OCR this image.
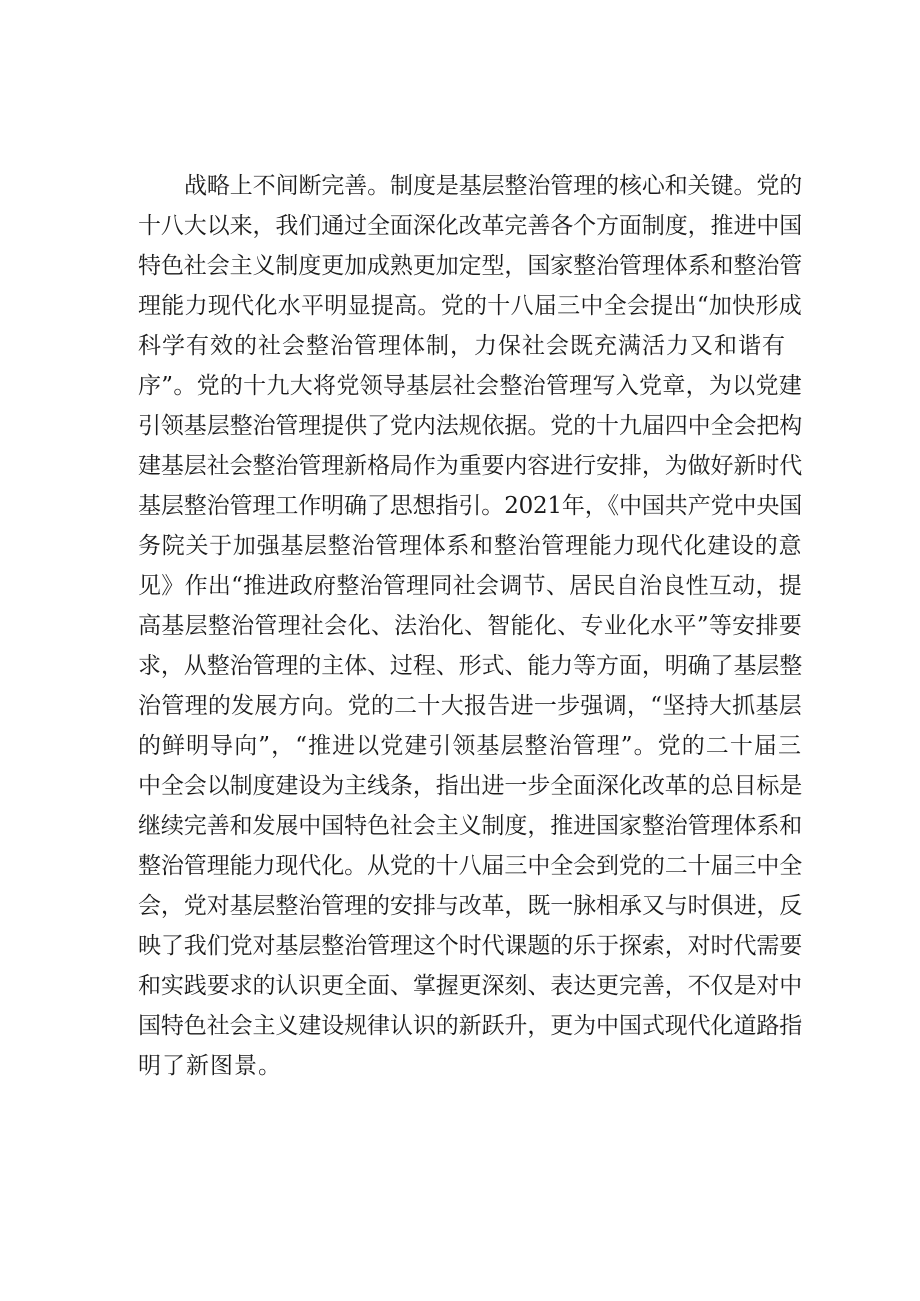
战略上不间断完善。制度是基层整治管理的核心和关键。党的
十八大以来，我们通过全面深化改革完善各个方面制度，推进中国
特色社会主义制度更加成熟更加定型，国家整治管理体系和整治管
理能力现代化水平明显提高。党的十八届三中全会提出“加快形成
科学有效的社会整治管理体制，力保社会既充满活力又和谐有
序”。党的十九大将党领导基层社会整治管理写入党章，为以党建
引领基层整治管理提供了党内法规依据。党的十九届四中全会把构
建基层社会整治管理新格局作为重要内容进行安排，为做好新时代
基层整治管理工作明确了思想指引。2021年，《中国共产党中央国
务院关于加强基层整治管理体系和整治管理能力现代化建设的意
见》作出“推进政府整治管理同社会调节、居民自治良性互动，提
高基层整治管理社会化、法治化、智能化、专业化水平”等安排要
求，从整治管理的主体、过程、形式、能力等方面，明确了基层整
治管理的发展方向。党的二十大报告进一步强调，“坚持大抓基层
的鲜明导向”，“推进以党建引领基层整治管理”。党的二十届三
中全会以制度建设为主线条，指出进一步全面深化改革的总目标是
继续完善和发展中国特色社会主义制度，推进国家整治管理体系和
整治管理能力现代化。从党的十八届三中全会到党的二十届三中全
会，党对基层整治管理的安排与改革，既一脉相承又与时俱进，反
映了我们党对基层整治管理这个时代课题的乐于探索，对时代需要
和实践要求的认识更全面、掌握更深刻、表达更完善，不仅是对中
国特色社会主义建设规律认识的新跃升，更为中国式现代化道路指
明了新图景。
